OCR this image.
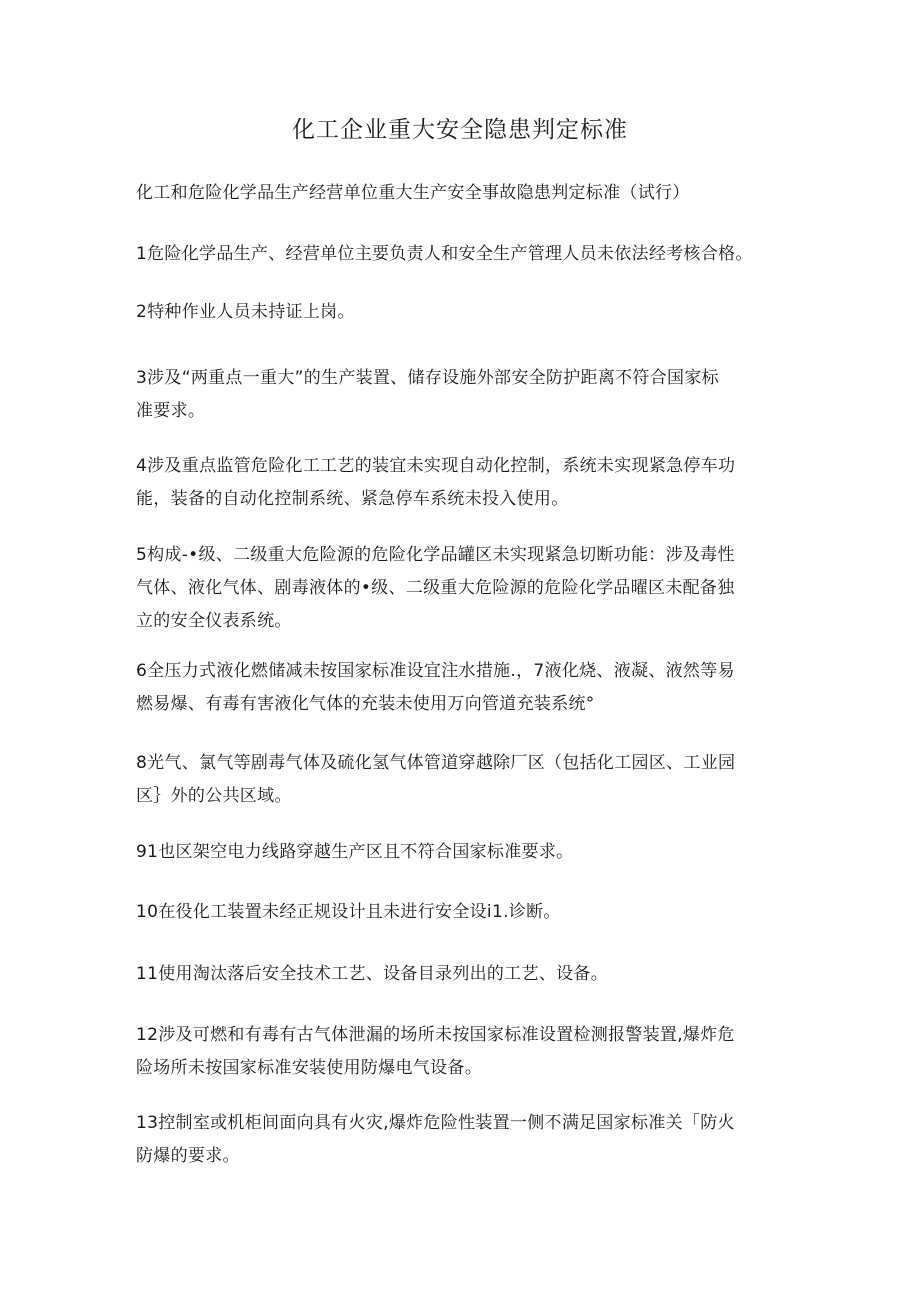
化工企业重大安全隐患判定标准
化工和危险化学品生产经营单位重大生产安全事故隐患判定标准（试行）
1危险化学品生产、经营单位主要负责人和安全生产管理人员未依法经考核合格。
2特种作业人员未持证上岗。
3涉及“两重点一重大”的生产装置、储存设施外部安全防护距离不符合国家标
准要求。
4涉及重点监管危险化工工艺的装宜未实现自动化控制，系统未实现紧急停车功
能，装备的自动化控制系统、紧急停车系统未投入使用。
5构成-•级、二级重大危险源的危险化学品罐区未实现紧急切断功能：涉及毒性
气体、液化气体、剧毒液体的•级、二级重大危险源的危险化学品曜区未配备独
立的安全仪表系统。
6全压力式液化燃储减未按国家标准设宜注水措施.，7液化烧、液凝、液然等易
燃易爆、有毒有害液化气体的充装未使用万向管道充装系统°
8光气、氯气等剧毒气体及硫化氢气体管道穿越除厂区（包括化工园区、工业园
区｝外的公共区域。
91也区架空电力线路穿越生产区且不符合国家标准要求。
10在役化工装置未经正规设计且未进行安全设i1.诊断。
11使用淘汰落后安全技术工艺、设备目录列出的工艺、设备。
12涉及可燃和有毒有古气体泄漏的场所未按国家标准设置检测报警装置,爆炸危
险场所未按国家标准安装使用防爆电气设备。
13控制室或机柜间面向具有火灾,爆炸危险性装置一侧不满足国家标准关「防火
防爆的要求。
